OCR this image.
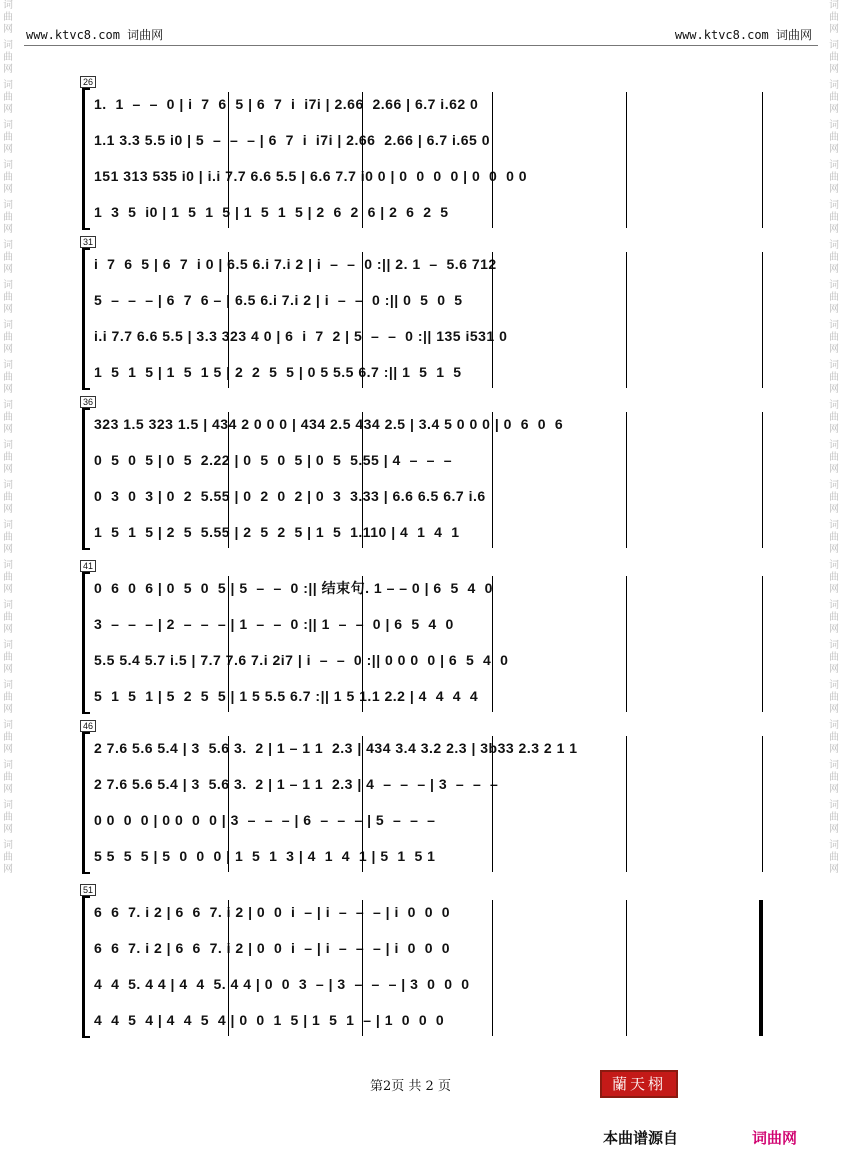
词曲网
词曲网
词曲网
词曲网
词曲网
词曲网
词曲网
词曲网
词曲网
词曲网
词曲网
词曲网
词曲网
词曲网
词曲网
词曲网
词曲网
词曲网
词曲网
词曲网
词曲网
词曲网
词曲网
词曲网
词曲网
词曲网
词曲网
词曲网
词曲网
词曲网
词曲网
词曲网
词曲网
词曲网
词曲网
词曲网
词曲网
词曲网
词曲网
词曲网
词曲网
词曲网
词曲网
词曲网
www.ktvc8.com 词曲网	www.ktvc8.com 词曲网
26
1.  1  –  –  0 | i  7  6  5 | 6  7  i  i7i | 2.66  2.66 | 6.7 i.62 0
1.1 3.3 5.5 i0 | 5  –  –  – | 6  7  i  i7i | 2.66  2.66 | 6.7 i.65 0
151 313 535 i0 | i.i 7.7 6.6 5.5 | 6.6 7.7 i0 0 | 0  0  0  0 | 0  0  0 0
1  3  5  i0 | 1  5  1  5 | 1  5  1  5 | 2  6  2  6 | 2  6  2  5
31
i  7  6  5 | 6  7  i 0 | 6.5 6.i 7.i 2 | i  –  –  0 :|| 2. 1  –  5.6 712
5  –  –  – | 6  7  6 – | 6.5 6.i 7.i 2 | i  –  –  0 :|| 0  5  0  5
i.i 7.7 6.6 5.5 | 3.3 323 4 0 | 6  i  7  2 | 5  –  –  0 :|| 135 i531 0
1  5  1  5 | 1  5  1 5 | 2  2  5  5 | 0 5 5.5 6.7 :|| 1  5  1  5
36
323 1.5 323 1.5 | 434 2 0 0 0 | 434 2.5 434 2.5 | 3.4 5 0 0 0 | 0  6  0  6
0  5  0  5 | 0  5  2.22 | 0  5  0  5 | 0  5  5.55 | 4  –  –  –
0  3  0  3 | 0  2  5.55 | 0  2  0  2 | 0  3  3.33 | 6.6 6.5 6.7 i.6
1  5  1  5 | 2  5  5.55 | 2  5  2  5 | 1  5  1.110 | 4  1  4  1
41
0  6  0  6 | 0  5  0  5 | 5  –  –  0 :|| 结束句. 1 – – 0 | 6  5  4  0
3  –  –  – | 2  –  –  – | 1  –  –  0 :|| 1  –  –  0 | 6  5  4  0
5.5 5.4 5.7 i.5 | 7.7 7.6 7.i 2i7 | i  –  –  0 :|| 0 0 0  0 | 6  5  4  0
5  1  5  1 | 5  2  5  5 | 1 5 5.5 6.7 :|| 1 5 1.1 2.2 | 4  4  4  4
46
2 7.6 5.6 5.4 | 3  5.6 3.  2 | 1 – 1 1  2.3 | 434 3.4 3.2 2.3 | 3b33 2.3 2 1 1
2 7.6 5.6 5.4 | 3  5.6 3.  2 | 1 – 1 1  2.3 | 4  –  –  – | 3  –  –  –
0 0  0  0 | 0 0  0  0 | 3  –  –  – | 6  –  –  – | 5  –  –  –
5 5  5  5 | 5  0  0  0 | 1  5  1  3 | 4  1  4  1 | 5  1  5 1
51
6  6  7. i 2 | 6  6  7. i 2 | 0  0  i  – | i  –  –  – | i  0  0  0
6  6  7. i 2 | 6  6  7. i 2 | 0  0  i  – | i  –  –  – | i  0  0  0
4  4  5. 4 4 | 4  4  5. 4 4 | 0  0  3  – | 3  –  –  – | 3  0  0  0
4  4  5  4 | 4  4  5  4 | 0  0  1  5 | 1  5  1  – | 1  0  0  0
第2页 共 2 页	蘭天栩
本曲谱源自	词曲网
